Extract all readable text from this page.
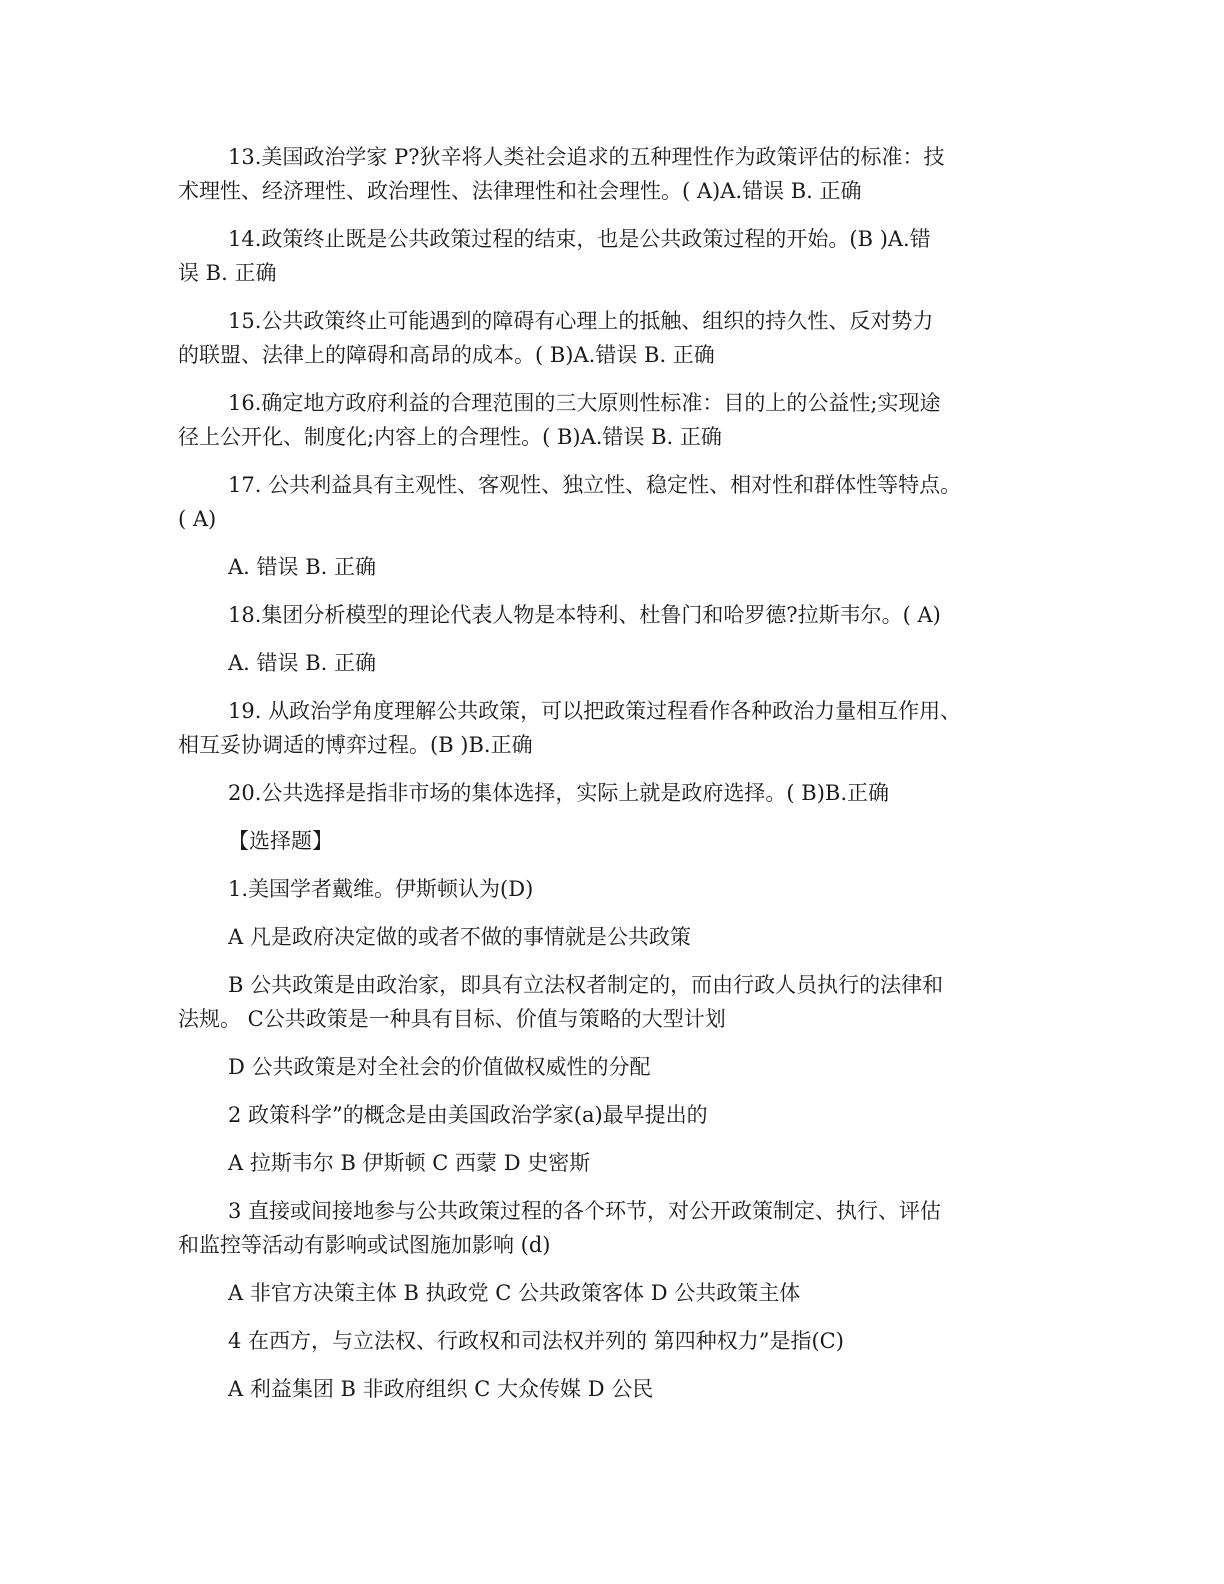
13.美国政治学家 P?狄辛将人类社会追求的五种理性作为政策评估的标准：技
术理性、经济理性、政治理性、法律理性和社会理性。( A)A.错误 B. 正确
14.政策终止既是公共政策过程的结束，也是公共政策过程的开始。(B )A.错
误 B. 正确
15.公共政策终止可能遇到的障碍有心理上的抵触、组织的持久性、反对势力
的联盟、法律上的障碍和高昂的成本。( B)A.错误 B. 正确
16.确定地方政府利益的合理范围的三大原则性标准：目的上的公益性;实现途
径上公开化、制度化;内容上的合理性。( B)A.错误 B. 正确
17. 公共利益具有主观性、客观性、独立性、稳定性、相对性和群体性等特点。
( A)
A. 错误 B. 正确
18.集团分析模型的理论代表人物是本特利、杜鲁门和哈罗德?拉斯韦尔。( A)
A. 错误 B. 正确
19. 从政治学角度理解公共政策，可以把政策过程看作各种政治力量相互作用、
相互妥协调适的博弈过程。(B )B.正确
20.公共选择是指非市场的集体选择，实际上就是政府选择。( B)B.正确
【选择题】
1.美国学者戴维。伊斯顿认为(D)
A 凡是政府决定做的或者不做的事情就是公共政策
B 公共政策是由政治家，即具有立法权者制定的，而由行政人员执行的法律和
法规。 C公共政策是一种具有目标、价值与策略的大型计划
D 公共政策是对全社会的价值做权威性的分配
2 政策科学”的概念是由美国政治学家(a)最早提出的
A 拉斯韦尔 B 伊斯顿 C 西蒙 D 史密斯
3 直接或间接地参与公共政策过程的各个环节，对公开政策制定、执行、评估
和监控等活动有影响或试图施加影响 (d)
A 非官方决策主体 B 执政党 C 公共政策客体 D 公共政策主体
4 在西方，与立法权、行政权和司法权并列的 第四种权力”是指(C)
A 利益集团 B 非政府组织 C 大众传媒 D 公民
